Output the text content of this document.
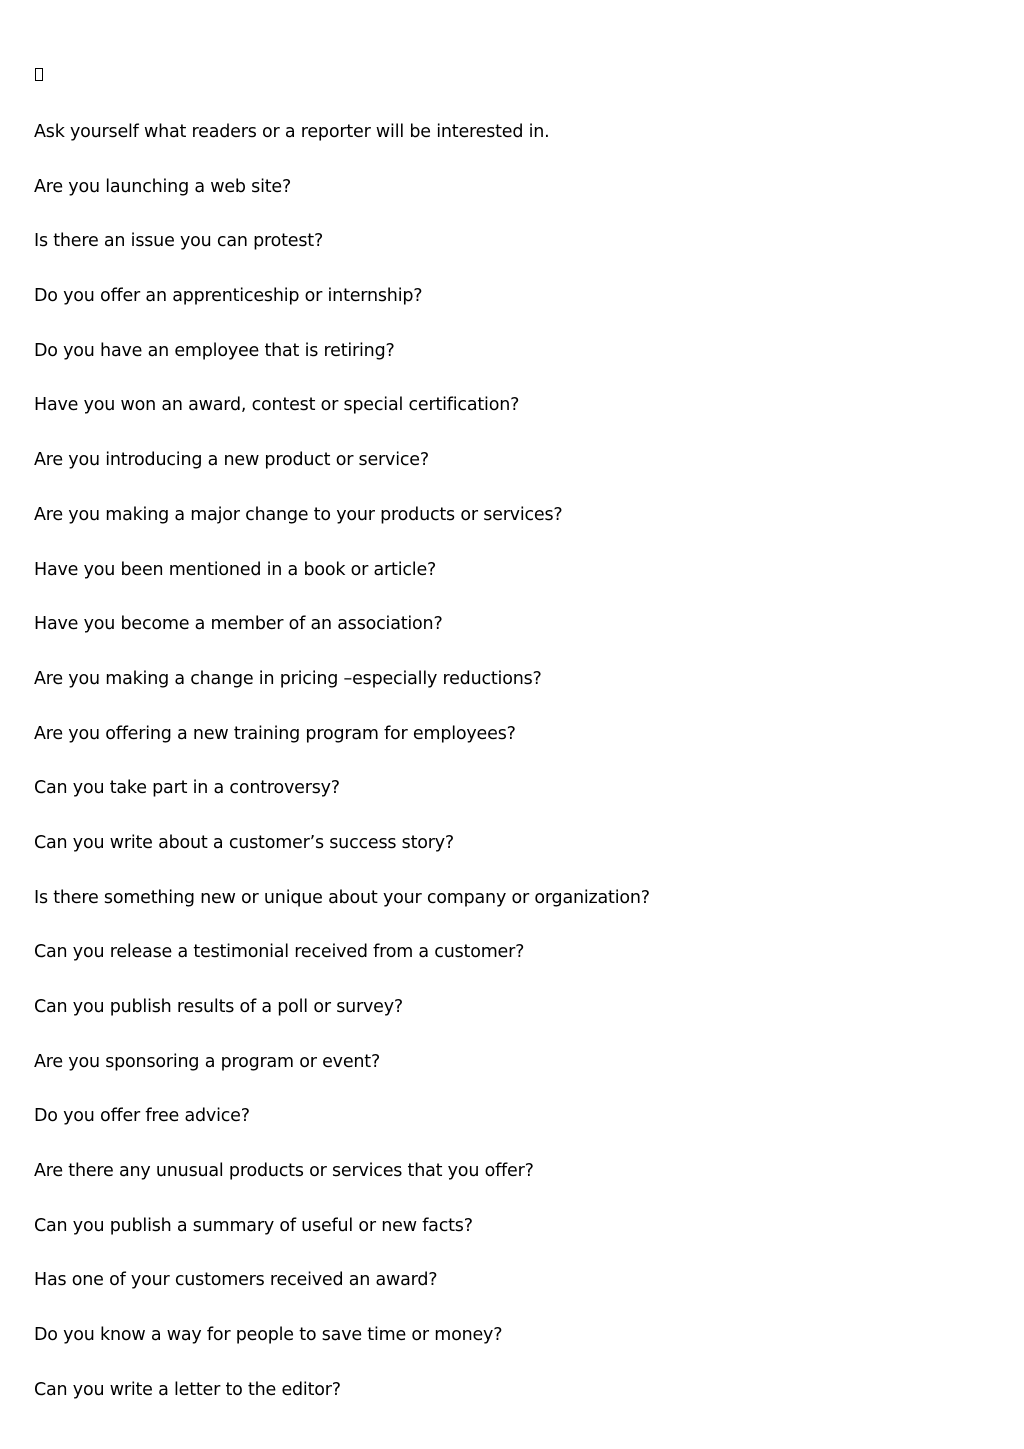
Ask yourself what readers or a reporter will be interested in.
Are you launching a web site?
Is there an issue you can protest?
Do you offer an apprenticeship or internship?
Do you have an employee that is retiring?
Have you won an award, contest or special certification?
Are you introducing a new product or service?
Are you making a major change to your products or services?
Have you been mentioned in a book or article?
Have you become a member of an association?
Are you making a change in pricing –especially reductions?
Are you offering a new training program for employees?
Can you take part in a controversy?
Can you write about a customer’s success story?
Is there something new or unique about your company or organization?
Can you release a testimonial received from a customer?
Can you publish results of a poll or survey?
Are you sponsoring a program or event?
Do you offer free advice?
Are there any unusual products or services that you offer?
Can you publish a summary of useful or new facts?
Has one of your customers received an award?
Do you know a way for people to save time or money?
Can you write a letter to the editor?
